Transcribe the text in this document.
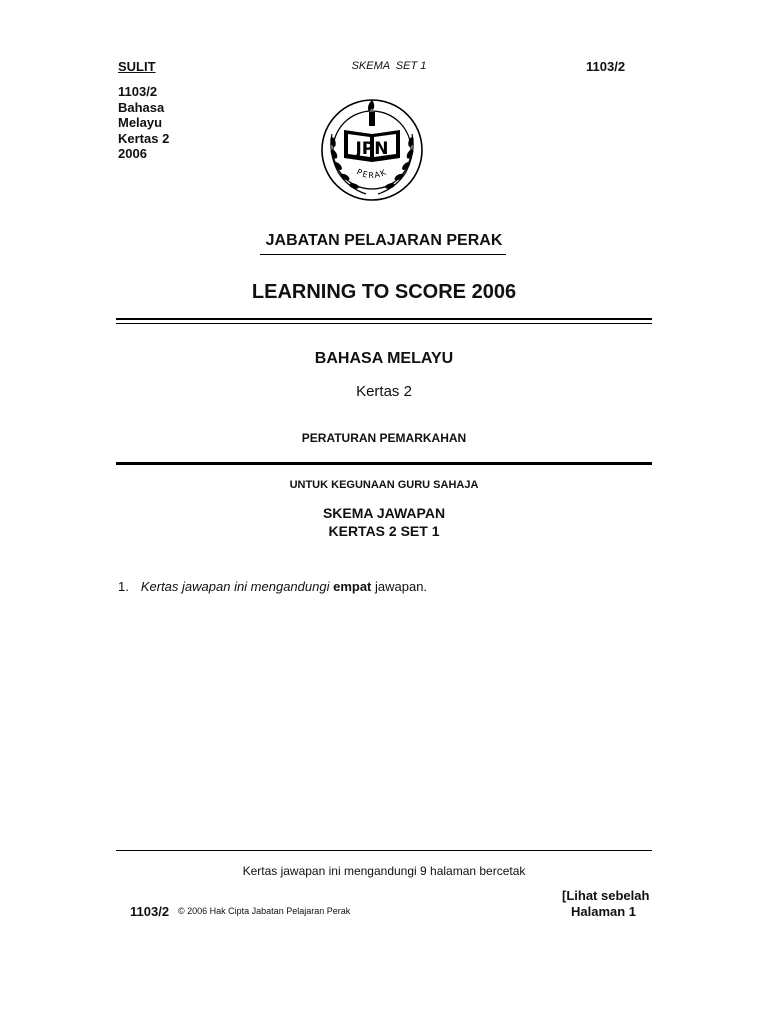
SULIT	SKEMA  SET 1	1103/2
1103/2
Bahasa
Melayu
Kertas 2
2006	JPN
PERAK
JABATAN PELAJARAN PERAK
LEARNING TO SCORE 2006
BAHASA MELAYU
Kertas 2
PERATURAN PEMARKAHAN
UNTUK KEGUNAAN GURU SAHAJA
SKEMA JAWAPAN
KERTAS 2 SET 1
1. Kertas jawapan ini mengandungi empat jawapan.
Kertas jawapan ini mengandungi 9 halaman bercetak
[Lihat sebelah
Halaman 1
1103/2 © 2006 Hak Cipta Jabatan Pelajaran Perak
